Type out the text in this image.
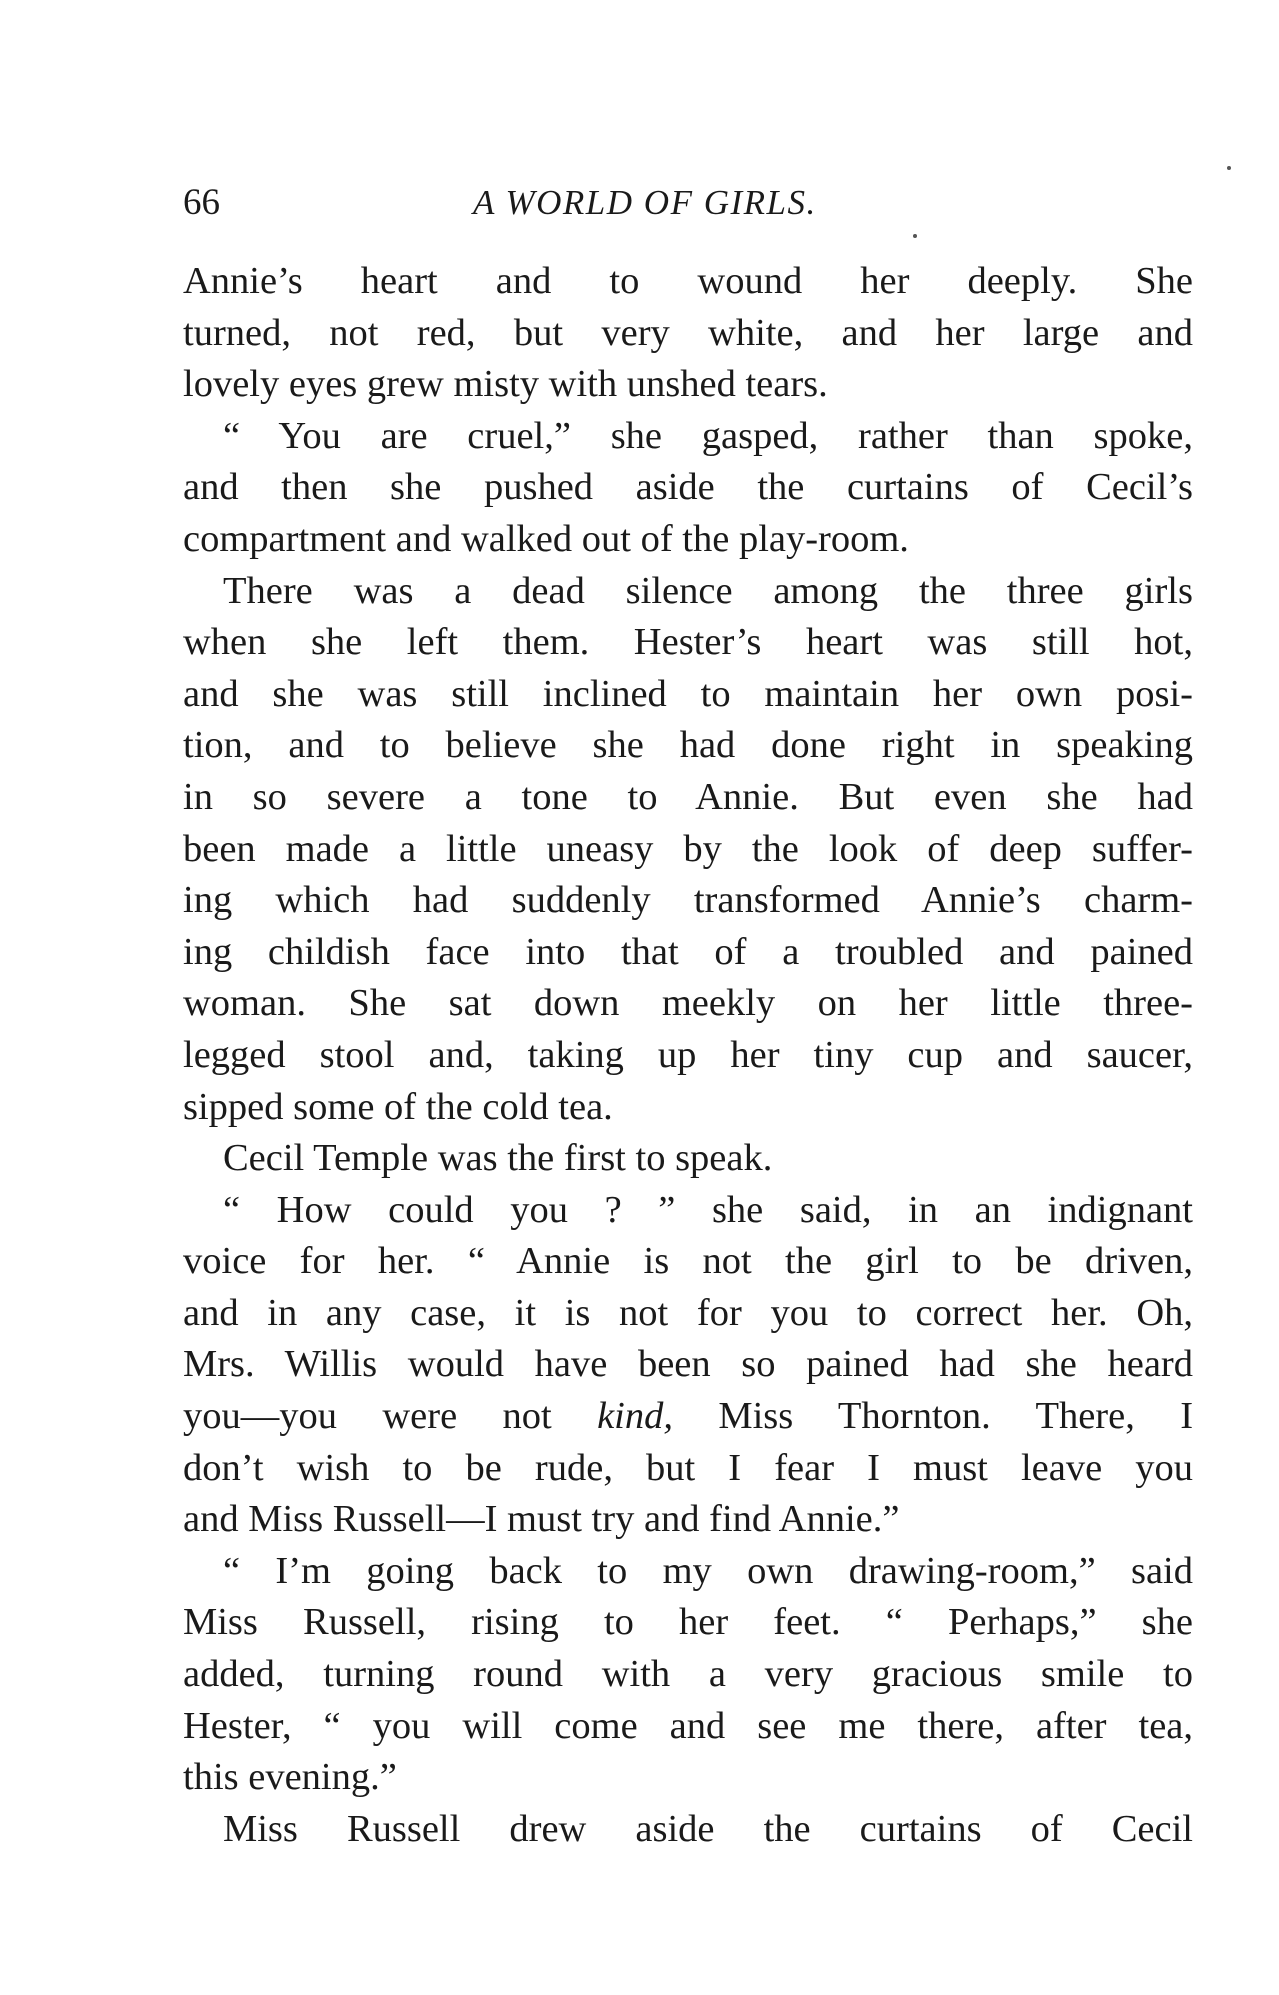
66	A WORLD OF GIRLS.
Annie’s heart and to wound her deeply. She
turned, not red, but very white, and her large and
lovely eyes grew misty with unshed tears.
“ You are cruel,” she gasped, rather than spoke,
and then she pushed aside the curtains of Cecil’s
compartment and walked out of the play-room.
There was a dead silence among the three girls
when she left them. Hester’s heart was still hot,
and she was still inclined to maintain her own posi-
tion, and to believe she had done right in speaking
in so severe a tone to Annie. But even she had
been made a little uneasy by the look of deep suffer-
ing which had suddenly transformed Annie’s charm-
ing childish face into that of a troubled and pained
woman. She sat down meekly on her little three-
legged stool and, taking up her tiny cup and saucer,
sipped some of the cold tea.
Cecil Temple was the first to speak.
“ How could you ? ” she said, in an indignant
voice for her. “ Annie is not the girl to be driven,
and in any case, it is not for you to correct her. Oh,
Mrs. Willis would have been so pained had she heard
you—you were not kind, Miss Thornton. There, I
don’t wish to be rude, but I fear I must leave you
and Miss Russell—I must try and find Annie.”
“ I’m going back to my own drawing-room,” said
Miss Russell, rising to her feet. “ Perhaps,” she
added, turning round with a very gracious smile to
Hester, “ you will come and see me there, after tea,
this evening.”
Miss Russell drew aside the curtains of Cecil
